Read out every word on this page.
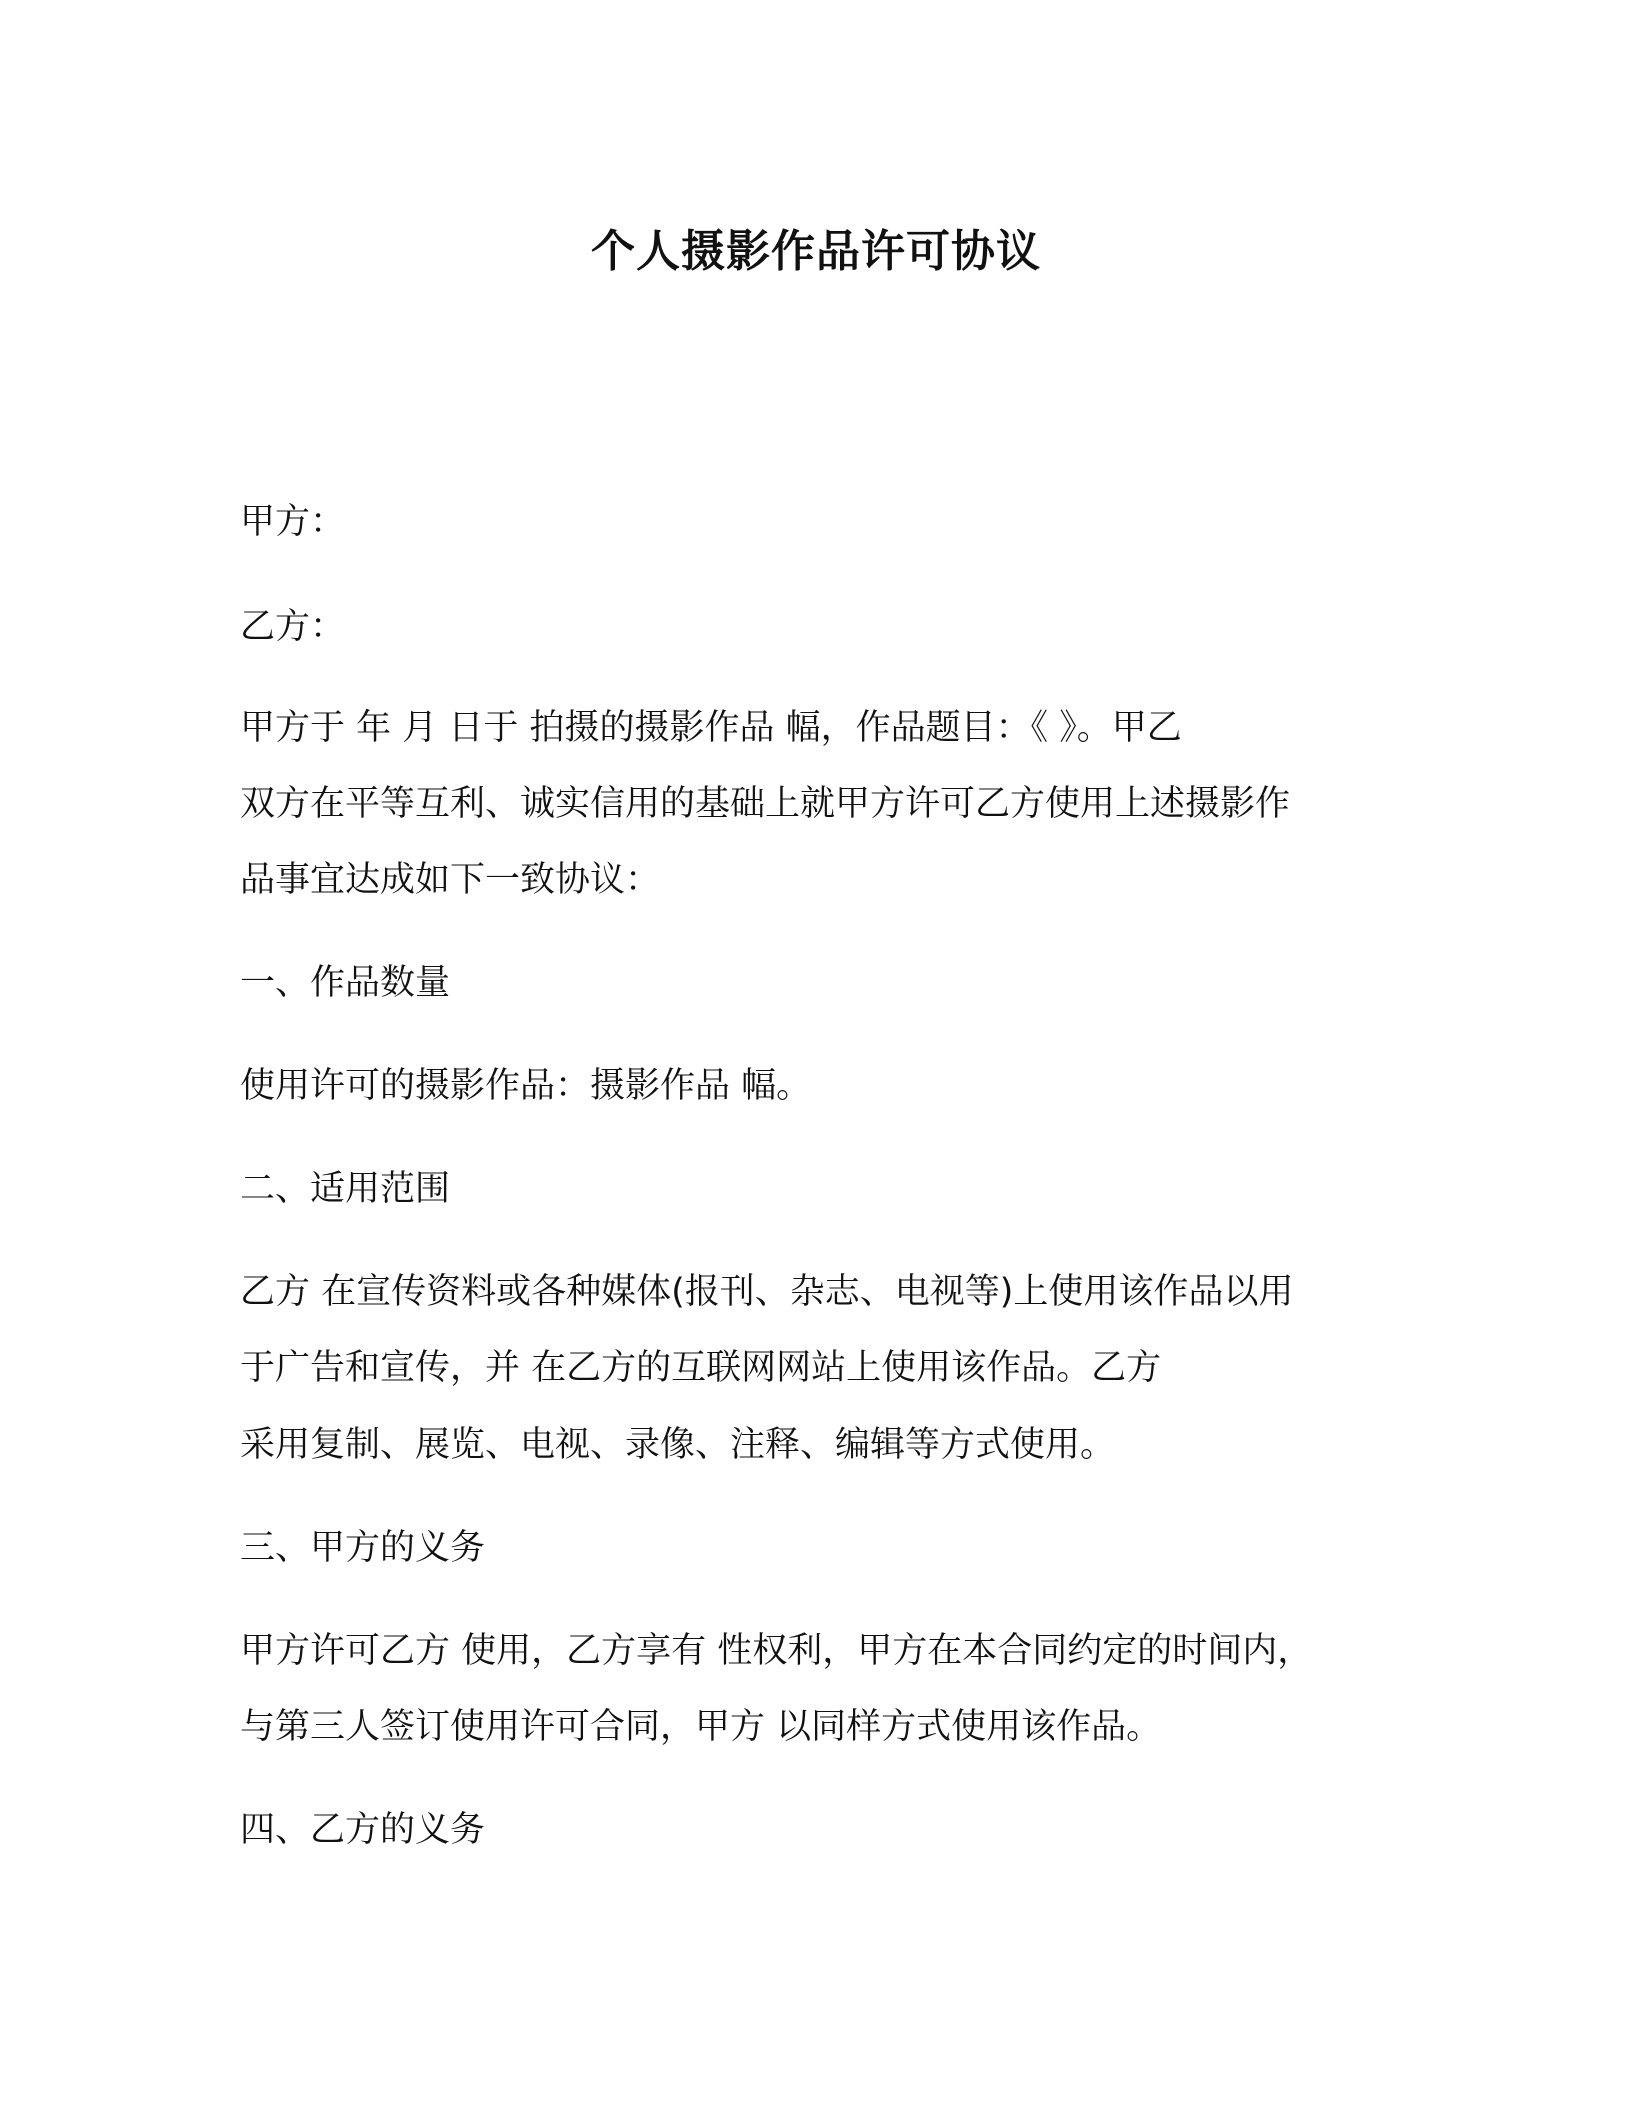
个人摄影作品许可协议
甲方：
乙方：
甲方于 年 月 日于 拍摄的摄影作品 幅，作品题目：《 》。甲乙
双方在平等互利、诚实信用的基础上就甲方许可乙方使用上述摄影作
品事宜达成如下一致协议：
一、作品数量
使用许可的摄影作品：摄影作品 幅。
二、适用范围
乙方 在宣传资料或各种媒体(报刊、杂志、电视等)上使用该作品以用
于广告和宣传，并 在乙方的互联网网站上使用该作品。乙方
采用复制、展览、电视、录像、注释、编辑等方式使用。
三、甲方的义务
甲方许可乙方 使用，乙方享有 性权利，甲方在本合同约定的时间内，
与第三人签订使用许可合同，甲方 以同样方式使用该作品。
四、乙方的义务
